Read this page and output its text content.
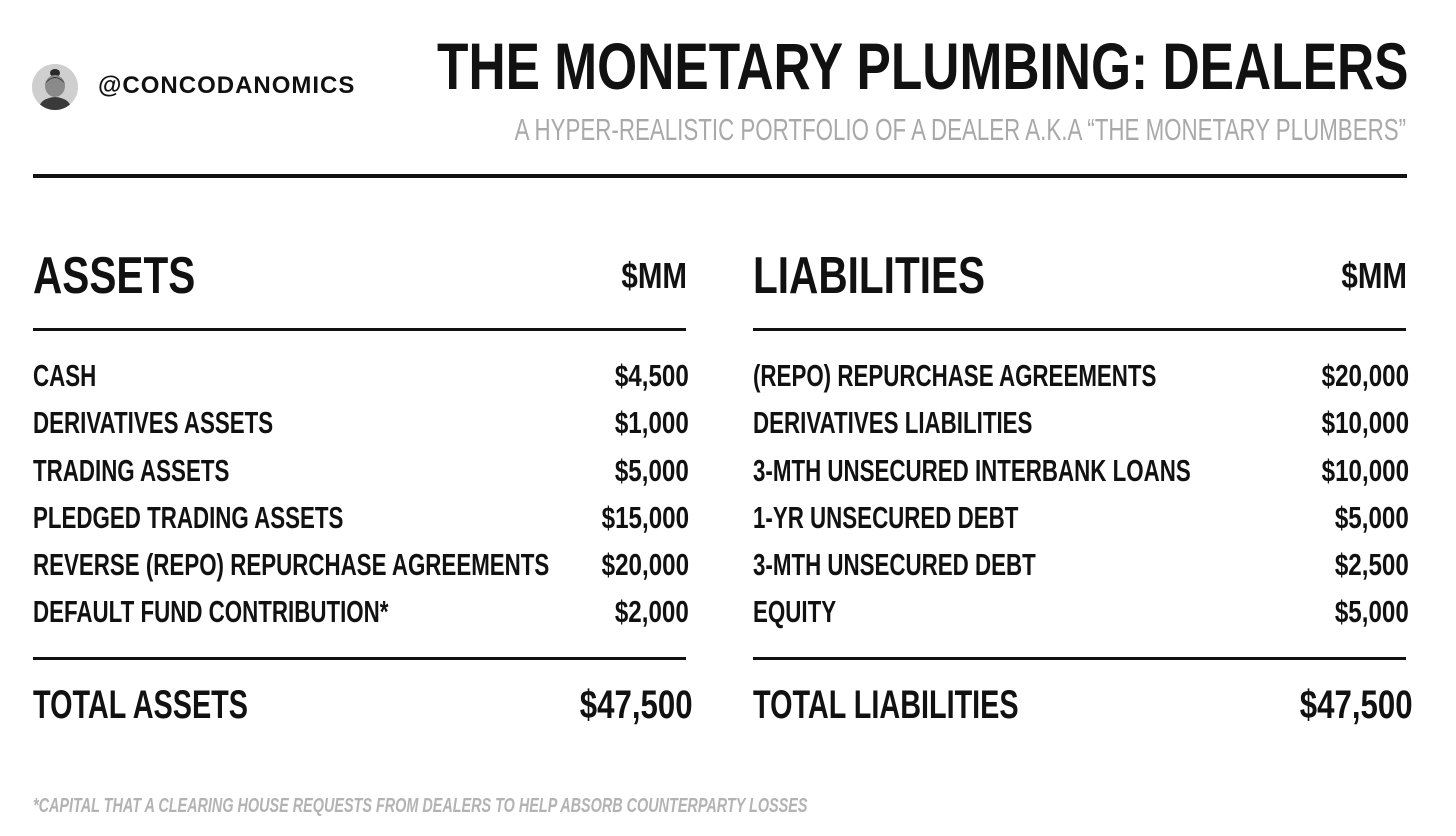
@CONCODANOMICS	THE MONETARY PLUMBING: DEALERS
A HYPER-REALISTIC PORTFOLIO OF A DEALER A.K.A “THE MONETARY PLUMBERS”
ASSETS	$MM
CASH	$4,500
DERIVATIVES ASSETS	$1,000
TRADING ASSETS	$5,000
PLEDGED TRADING ASSETS	$15,000
REVERSE (REPO) REPURCHASE AGREEMENTS	$20,000
DEFAULT FUND CONTRIBUTION*	$2,000
TOTAL ASSETS	$47,500
LIABILITIES	$MM
(REPO) REPURCHASE AGREEMENTS	$20,000
DERIVATIVES LIABILITIES	$10,000
3-MTH UNSECURED INTERBANK LOANS	$10,000
1-YR UNSECURED DEBT	$5,000
3-MTH UNSECURED DEBT	$2,500
EQUITY	$5,000
TOTAL LIABILITIES	$47,500
*CAPITAL THAT A CLEARING HOUSE REQUESTS FROM DEALERS TO HELP ABSORB COUNTERPARTY LOSSES
